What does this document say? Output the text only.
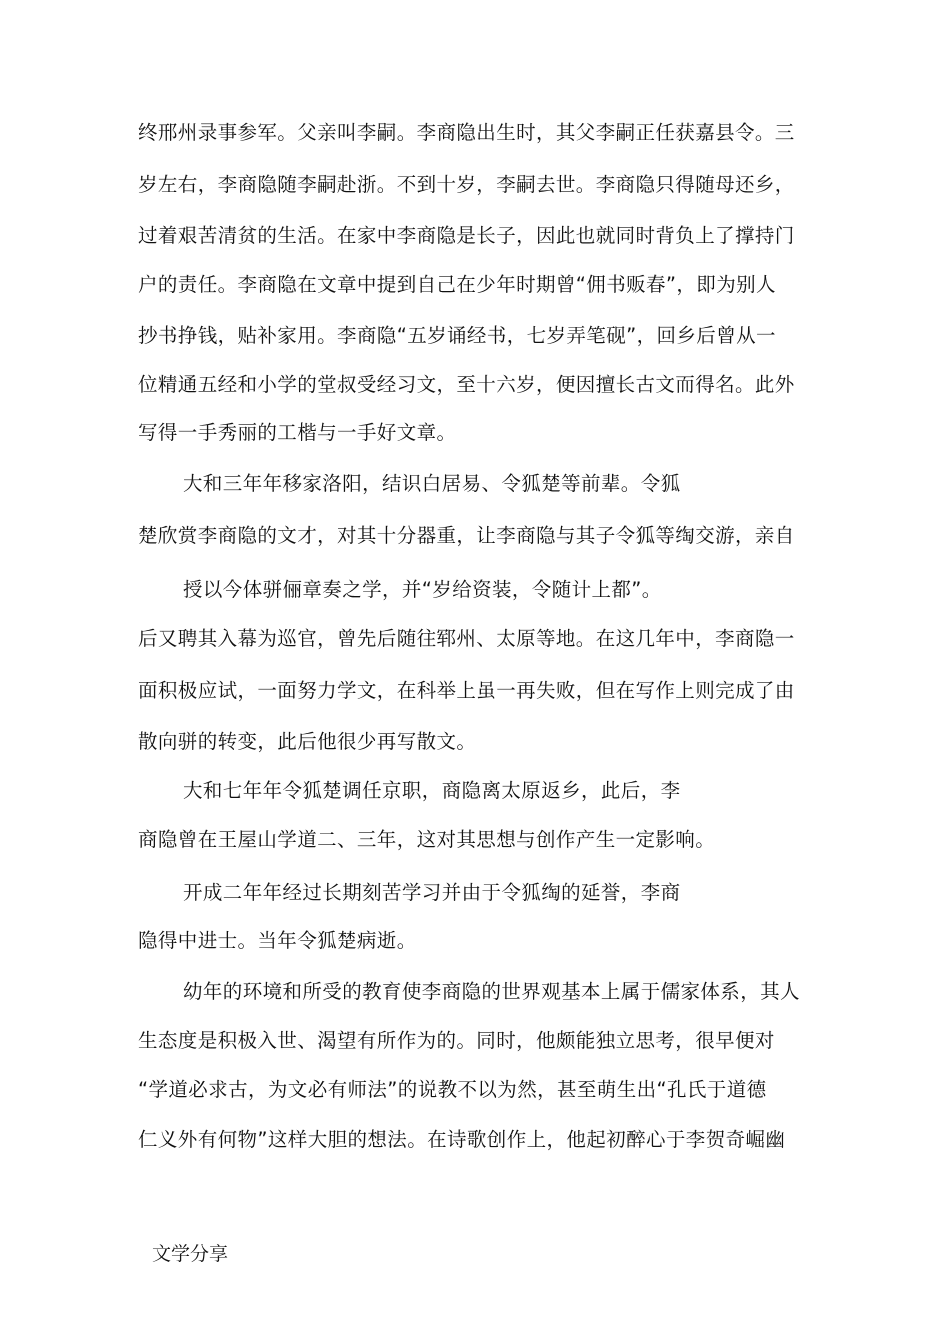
终邢州录事参军。父亲叫李嗣。李商隐出生时，其父李嗣正任获嘉县令。三
岁左右，李商隐随李嗣赴浙。不到十岁，李嗣去世。李商隐只得随母还乡，
过着艰苦清贫的生活。在家中李商隐是长子，因此也就同时背负上了撑持门
户的责任。李商隐在文章中提到自己在少年时期曾“佣书贩春”，即为别人
抄书挣钱，贴补家用。李商隐“五岁诵经书，七岁弄笔砚”，回乡后曾从一
位精通五经和小学的堂叔受经习文，至十六岁，便因擅长古文而得名。此外
写得一手秀丽的工楷与一手好文章。
大和三年年移家洛阳，结识白居易、令狐楚等前辈。令狐
楚欣赏李商隐的文才，对其十分器重，让李商隐与其子令狐等绹交游，亲自
授以今体骈俪章奏之学，并“岁给资装，令随计上都”。
后又聘其入幕为巡官，曾先后随往郓州、太原等地。在这几年中，李商隐一
面积极应试，一面努力学文，在科举上虽一再失败，但在写作上则完成了由
散向骈的转变，此后他很少再写散文。
大和七年年令狐楚调任京职，商隐离太原返乡，此后，李
商隐曾在王屋山学道二、三年，这对其思想与创作产生一定影响。
开成二年年经过长期刻苦学习并由于令狐绹的延誉，李商
隐得中进士。当年令狐楚病逝。
幼年的环境和所受的教育使李商隐的世界观基本上属于儒家体系，其人
生态度是积极入世、渴望有所作为的。同时，他颇能独立思考，很早便对
“学道必求古，为文必有师法”的说教不以为然，甚至萌生出“孔氏于道德
仁义外有何物”这样大胆的想法。在诗歌创作上，他起初醉心于李贺奇崛幽
文学分享
